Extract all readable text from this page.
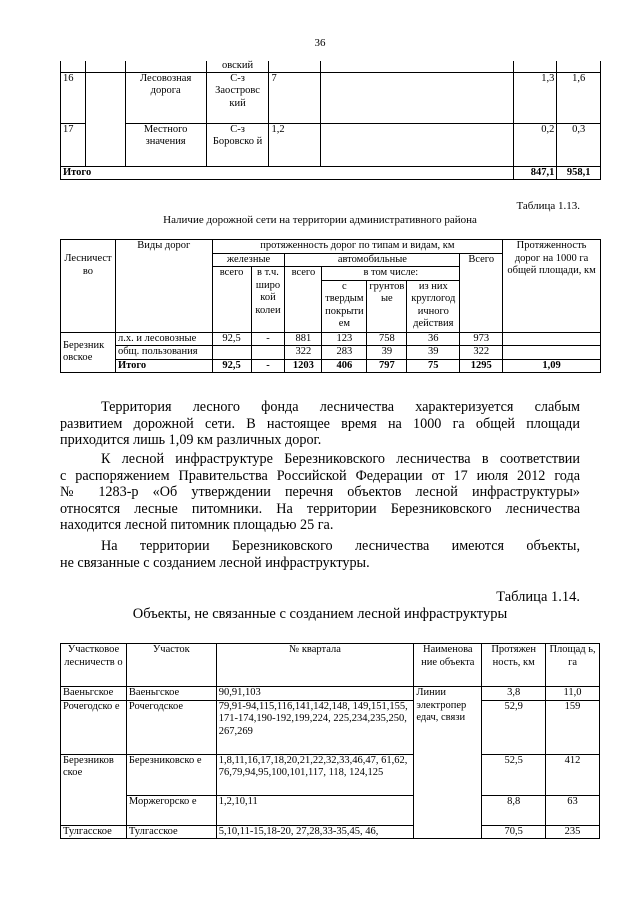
36
			овский				
16		Лесовозная дорога	С-з Заостровс кий	7		1,3	1,6
17		Местного значения	С-з Боровско й	1,2		0,2	0,3
Итого						847,1	958,1
Таблица 1.13.
Наличие дорожной сети на территории административного района
Лесничест во	Виды дорог	протяженность дорог по типам и видам, км							Протяженность дорог на 1000 га общей площади, км
		железные		автомобильные				Всего	
		всего	в т.ч. широ кой колеи	всего	в том числе:				
					с твердым покрыти ем	грунтов ые	из них круглогод ичного действия		
Березник овское	л.х. и лесовозные	92,5	-	881	123	758	36	973	
	общ. пользования			322	283	39	39	322	
	Итого	92,5	-	1203	406	797	75	1295	1,09
Территория лесного фонда лесничества характеризуется слабым
развитием дорожной сети. В настоящее время на 1000 га общей площади
приходится лишь 1,09 км различных дорог.
К лесной инфраструктуре Березниковского лесничества в соответствии
с распоряжением Правительства Российской Федерации от 17 июля 2012 года
№ 1283-р «Об утверждении перечня объектов лесной инфраструктуры»
относятся лесные питомники. На территории Березниковского лесничества
находится лесной питомник площадью 25 га.
На территории Березниковского лесничества имеются объекты,
не связанные с созданием лесной инфраструктуры.
Таблица 1.14.
Объекты, не связанные с созданием лесной инфраструктуры
Участковое лесничеств о	Участок	№ квартала	Наименова ние объекта	Протяжен ность, км	Площад ь, га
Ваеньгское	Ваеньгское	90,91,103	Линии электропер едач, связи	3,8	11,0
Рочегодско е	Рочегодское	79,91-94,115,116,141,142,148, 149,151,155, 171-174,190-192,199,224, 225,234,235,250, 267,269		52,9	159
Березников ское	Березниковско е	1,8,11,16,17,18,20,21,22,32,33,46,47, 61,62, 76,79,94,95,100,101,117, 118, 124,125		52,5	412
	Моржегорско е	1,2,10,11		8,8	63
Тулгасское	Тулгасское	5,10,11-15,18-20, 27,28,33-35,45, 46,		70,5	235
